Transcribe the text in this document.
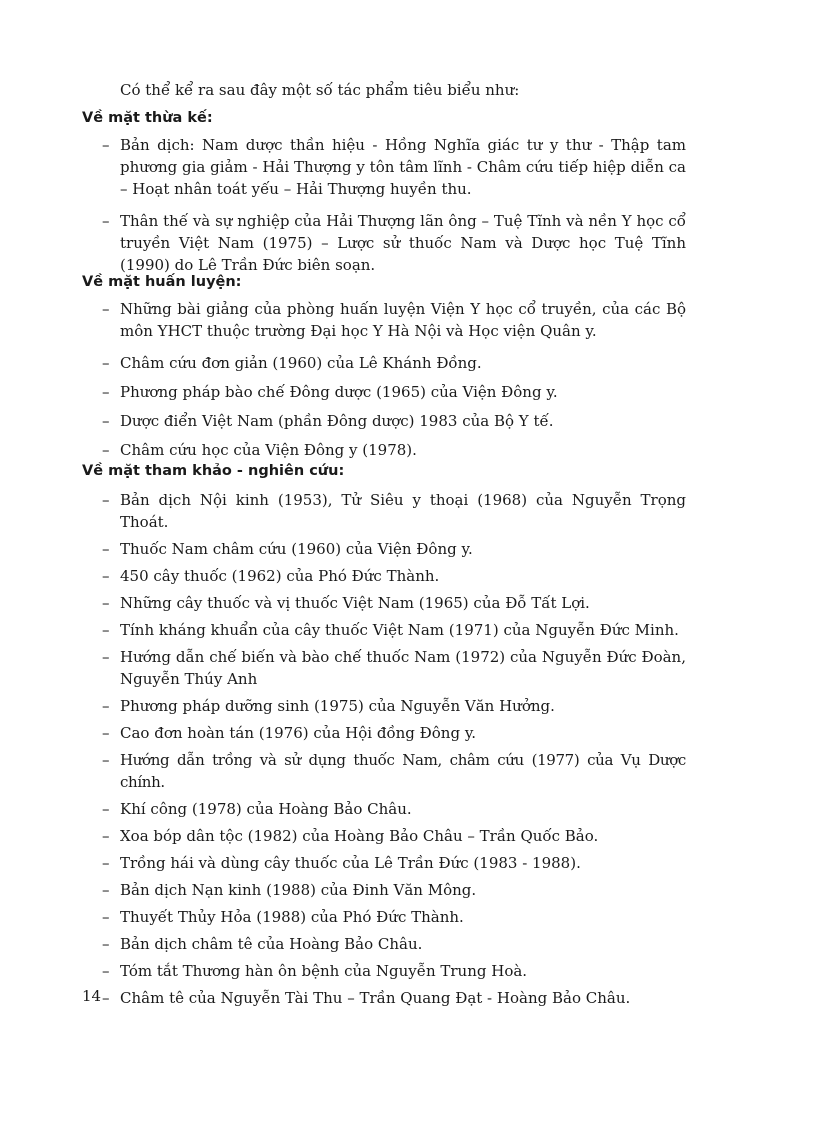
Có thể kể ra sau đây một số tác phẩm tiêu biểu như:

Về mặt thừa kế:
– Bản dịch: Nam dược thần hiệu - Hồng Nghĩa giác tư y thư - Thập tam phương gia giảm - Hải Thượng y tôn tâm lĩnh - Châm cứu tiếp hiệp diễn ca – Hoạt nhân toát yếu – Hải Thượng huyền thu.
– Thân thế và sự nghiệp của Hải Thượng lãn ông – Tuệ Tĩnh và nền Y học cổ truyền Việt Nam (1975) – Lược sử thuốc Nam và Dược học Tuệ Tĩnh (1990) do Lê Trần Đức biên soạn.
Về mặt huấn luyện:
– Những bài giảng của phòng huấn luyện Viện Y học cổ truyền, của các Bộ môn YHCT thuộc trường Đại học Y Hà Nội và Học viện Quân y.
– Châm cứu đơn giản (1960) của Lê Khánh Đồng.
– Phương pháp bào chế Đông dược (1965) của Viện Đông y.
– Dược điển Việt Nam (phần Đông dược) 1983 của Bộ Y tế.
– Châm cứu học của Viện Đông y (1978).
Về mặt tham khảo - nghiên cứu:
– Bản dịch Nội kinh (1953), Tử Siêu y thoại (1968) của Nguyễn Trọng Thoát.
– Thuốc Nam châm cứu (1960) của Viện Đông y.
– 450 cây thuốc (1962) của Phó Đức Thành.
– Những cây thuốc và vị thuốc Việt Nam (1965) của Đỗ Tất Lợi.
– Tính kháng khuẩn của cây thuốc Việt Nam (1971) của Nguyễn Đức Minh.
– Hướng dẫn chế biến và bào chế thuốc Nam (1972) của Nguyễn Đức Đoàn, Nguyễn Thúy Anh
– Phương pháp dưỡng sinh (1975) của Nguyễn Văn Hưởng.
– Cao đơn hoàn tán (1976) của Hội đồng Đông y.
– Hướng dẫn trồng và sử dụng thuốc Nam, châm cứu (1977) của Vụ Dược chính.
– Khí công (1978) của Hoàng Bảo Châu.
– Xoa bóp dân tộc (1982) của Hoàng Bảo Châu – Trần Quốc Bảo.
– Trồng hái và dùng cây thuốc của Lê Trần Đức (1983 - 1988).
– Bản dịch Nạn kinh (1988) của Đinh Văn Mông.
– Thuyết Thủy Hỏa (1988) của Phó Đức Thành.
– Bản dịch châm tê của Hoàng Bảo Châu.
– Tóm tắt Thương hàn ôn bệnh của Nguyễn Trung Hoà.
– Châm tê của Nguyễn Tài Thu – Trần Quang Đạt - Hoàng Bảo Châu.

14
